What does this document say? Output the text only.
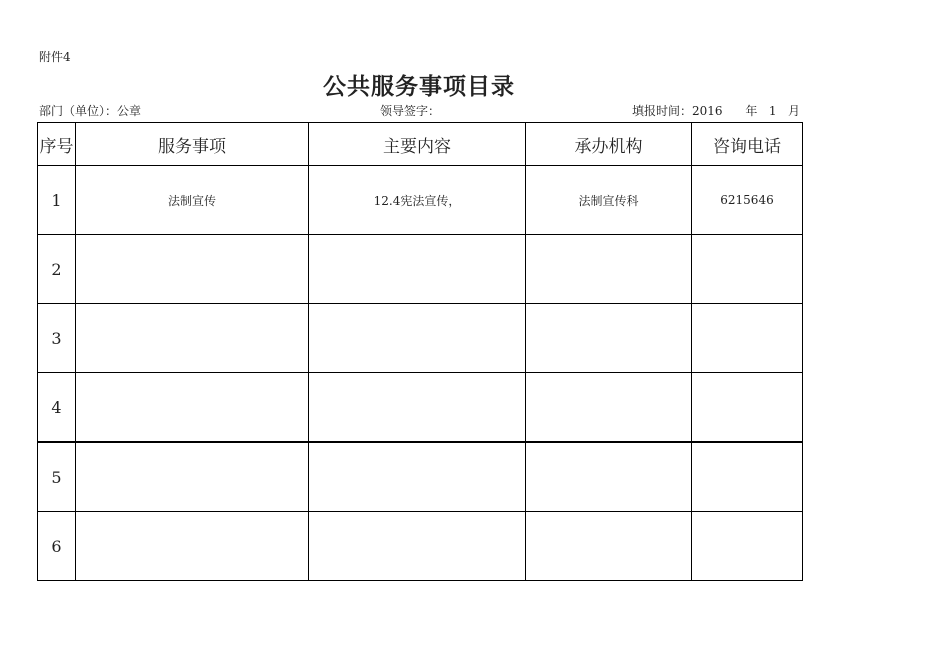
附件4
公共服务事项目录
部门（单位）：公章	领导签字：	填报时间：2016      年   1   月
序号	服务事项	主要内容	承办机构	咨询电话
1	法制宣传	12.4宪法宣传，	法制宣传科	6215646
2				
3				
4				
5				
6				
